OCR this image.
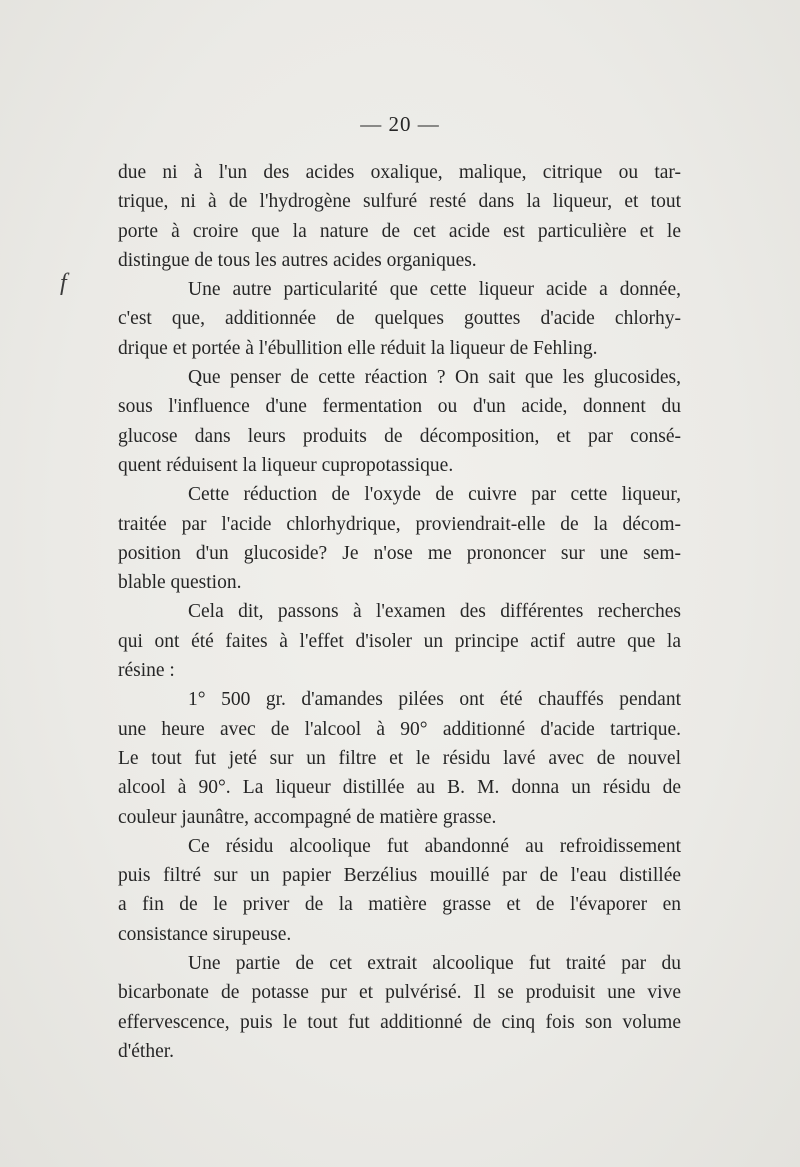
— 20 —
f
due ni à l'un des acides oxalique, malique, citrique ou tar-
trique, ni à de l'hydrogène sulfuré resté dans la liqueur, et tout
porte à croire que la nature de cet acide est particulière et le
distingue de tous les autres acides organiques.
Une autre particularité que cette liqueur acide a donnée,
c'est que, additionnée de quelques gouttes d'acide chlorhy-
drique et portée à l'ébullition elle réduit la liqueur de Fehling.
Que penser de cette réaction ? On sait que les glucosides,
sous l'influence d'une fermentation ou d'un acide, donnent du
glucose dans leurs produits de décomposition, et par consé-
quent réduisent la liqueur cupropotassique.
Cette réduction de l'oxyde de cuivre par cette liqueur,
traitée par l'acide chlorhydrique, proviendrait-elle de la décom-
position d'un glucoside? Je n'ose me prononcer sur une sem-
blable question.
Cela dit, passons à l'examen des différentes recherches
qui ont été faites à l'effet d'isoler un principe actif autre que la
résine :
1° 500 gr. d'amandes pilées ont été chauffés pendant
une heure avec de l'alcool à 90° additionné d'acide tartrique.
Le tout fut jeté sur un filtre et le résidu lavé avec de nouvel
alcool à 90°. La liqueur distillée au B. M. donna un résidu de
couleur jaunâtre, accompagné de matière grasse.
Ce résidu alcoolique fut abandonné au refroidissement
puis filtré sur un papier Berzélius mouillé par de l'eau distillée
a fin de le priver de la matière grasse et de l'évaporer en
consistance sirupeuse.
Une partie de cet extrait alcoolique fut traité par du
bicarbonate de potasse pur et pulvérisé. Il se produisit une vive
effervescence, puis le tout fut additionné de cinq fois son volume
d'éther.
